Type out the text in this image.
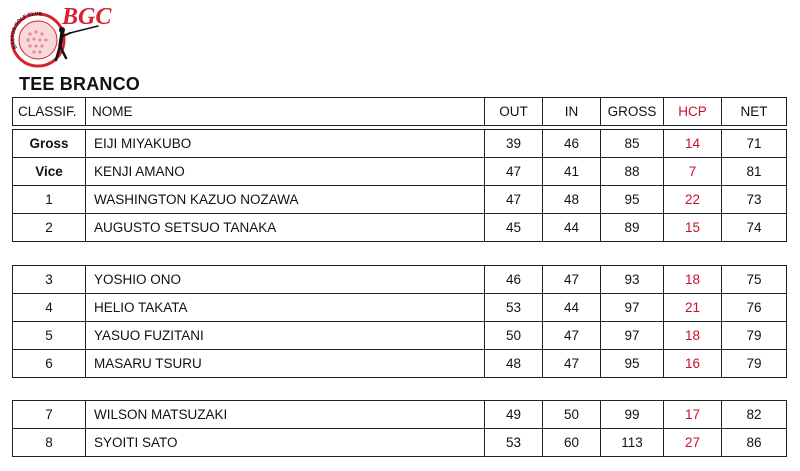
BASTOS GOLF CLUB BGC
TEE BRANCO
CLASSIF.	NOME	OUT	IN	GROSS	HCP	NET
Gross	EIJI MIYAKUBO	39	46	85	14	71
Vice	KENJI AMANO	47	41	88	7	81
1	WASHINGTON KAZUO NOZAWA	47	48	95	22	73
2	AUGUSTO SETSUO TANAKA	45	44	89	15	74
3	YOSHIO ONO	46	47	93	18	75
4	HELIO TAKATA	53	44	97	21	76
5	YASUO FUZITANI	50	47	97	18	79
6	MASARU TSURU	48	47	95	16	79
7	WILSON MATSUZAKI	49	50	99	17	82
8	SYOITI SATO	53	60	113	27	86
